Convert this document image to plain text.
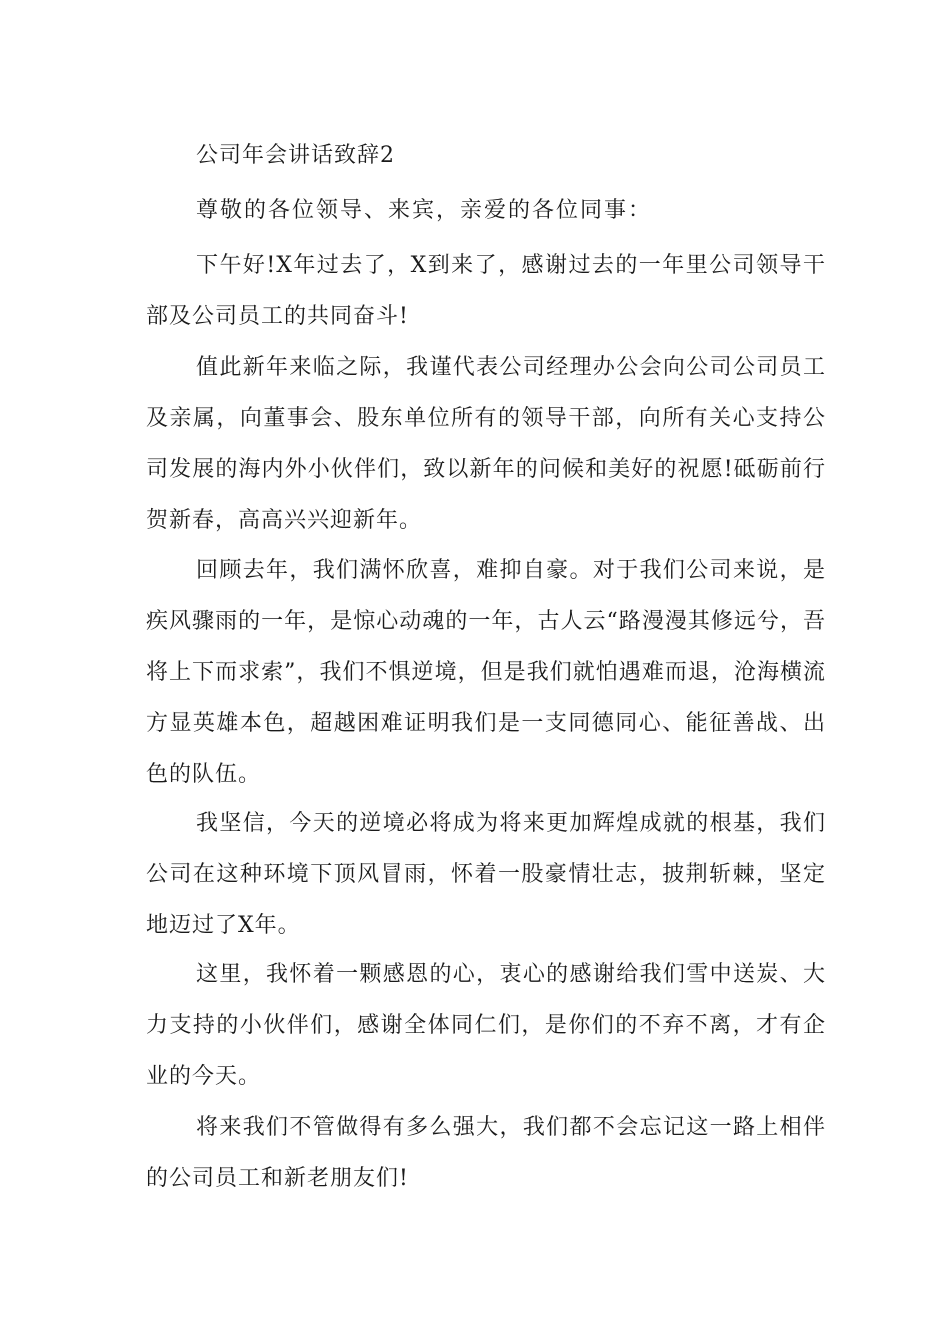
公司年会讲话致辞2
尊敬的各位领导、来宾，亲爱的各位同事：

下午好!X年过去了，X到来了，感谢过去的一年里公司领导干部及公司员工的共同奋斗!

值此新年来临之际，我谨代表公司经理办公会向公司公司员工及亲属，向董事会、股东单位所有的领导干部，向所有关心支持公司发展的海内外小伙伴们，致以新年的问候和美好的祝愿!砥砺前行贺新春，高高兴兴迎新年。

回顾去年，我们满怀欣喜，难抑自豪。对于我们公司来说，是疾风骤雨的一年，是惊心动魂的一年，古人云“路漫漫其修远兮，吾将上下而求索”，我们不惧逆境，但是我们就怕遇难而退，沧海横流方显英雄本色，超越困难证明我们是一支同德同心、能征善战、出色的队伍。

我坚信，今天的逆境必将成为将来更加辉煌成就的根基，我们公司在这种环境下顶风冒雨，怀着一股豪情壮志，披荆斩棘，坚定地迈过了X年。

这里，我怀着一颗感恩的心，衷心的感谢给我们雪中送炭、大力支持的小伙伴们，感谢全体同仁们，是你们的不弃不离，才有企业的今天。

将来我们不管做得有多么强大，我们都不会忘记这一路上相伴的公司员工和新老朋友们!
